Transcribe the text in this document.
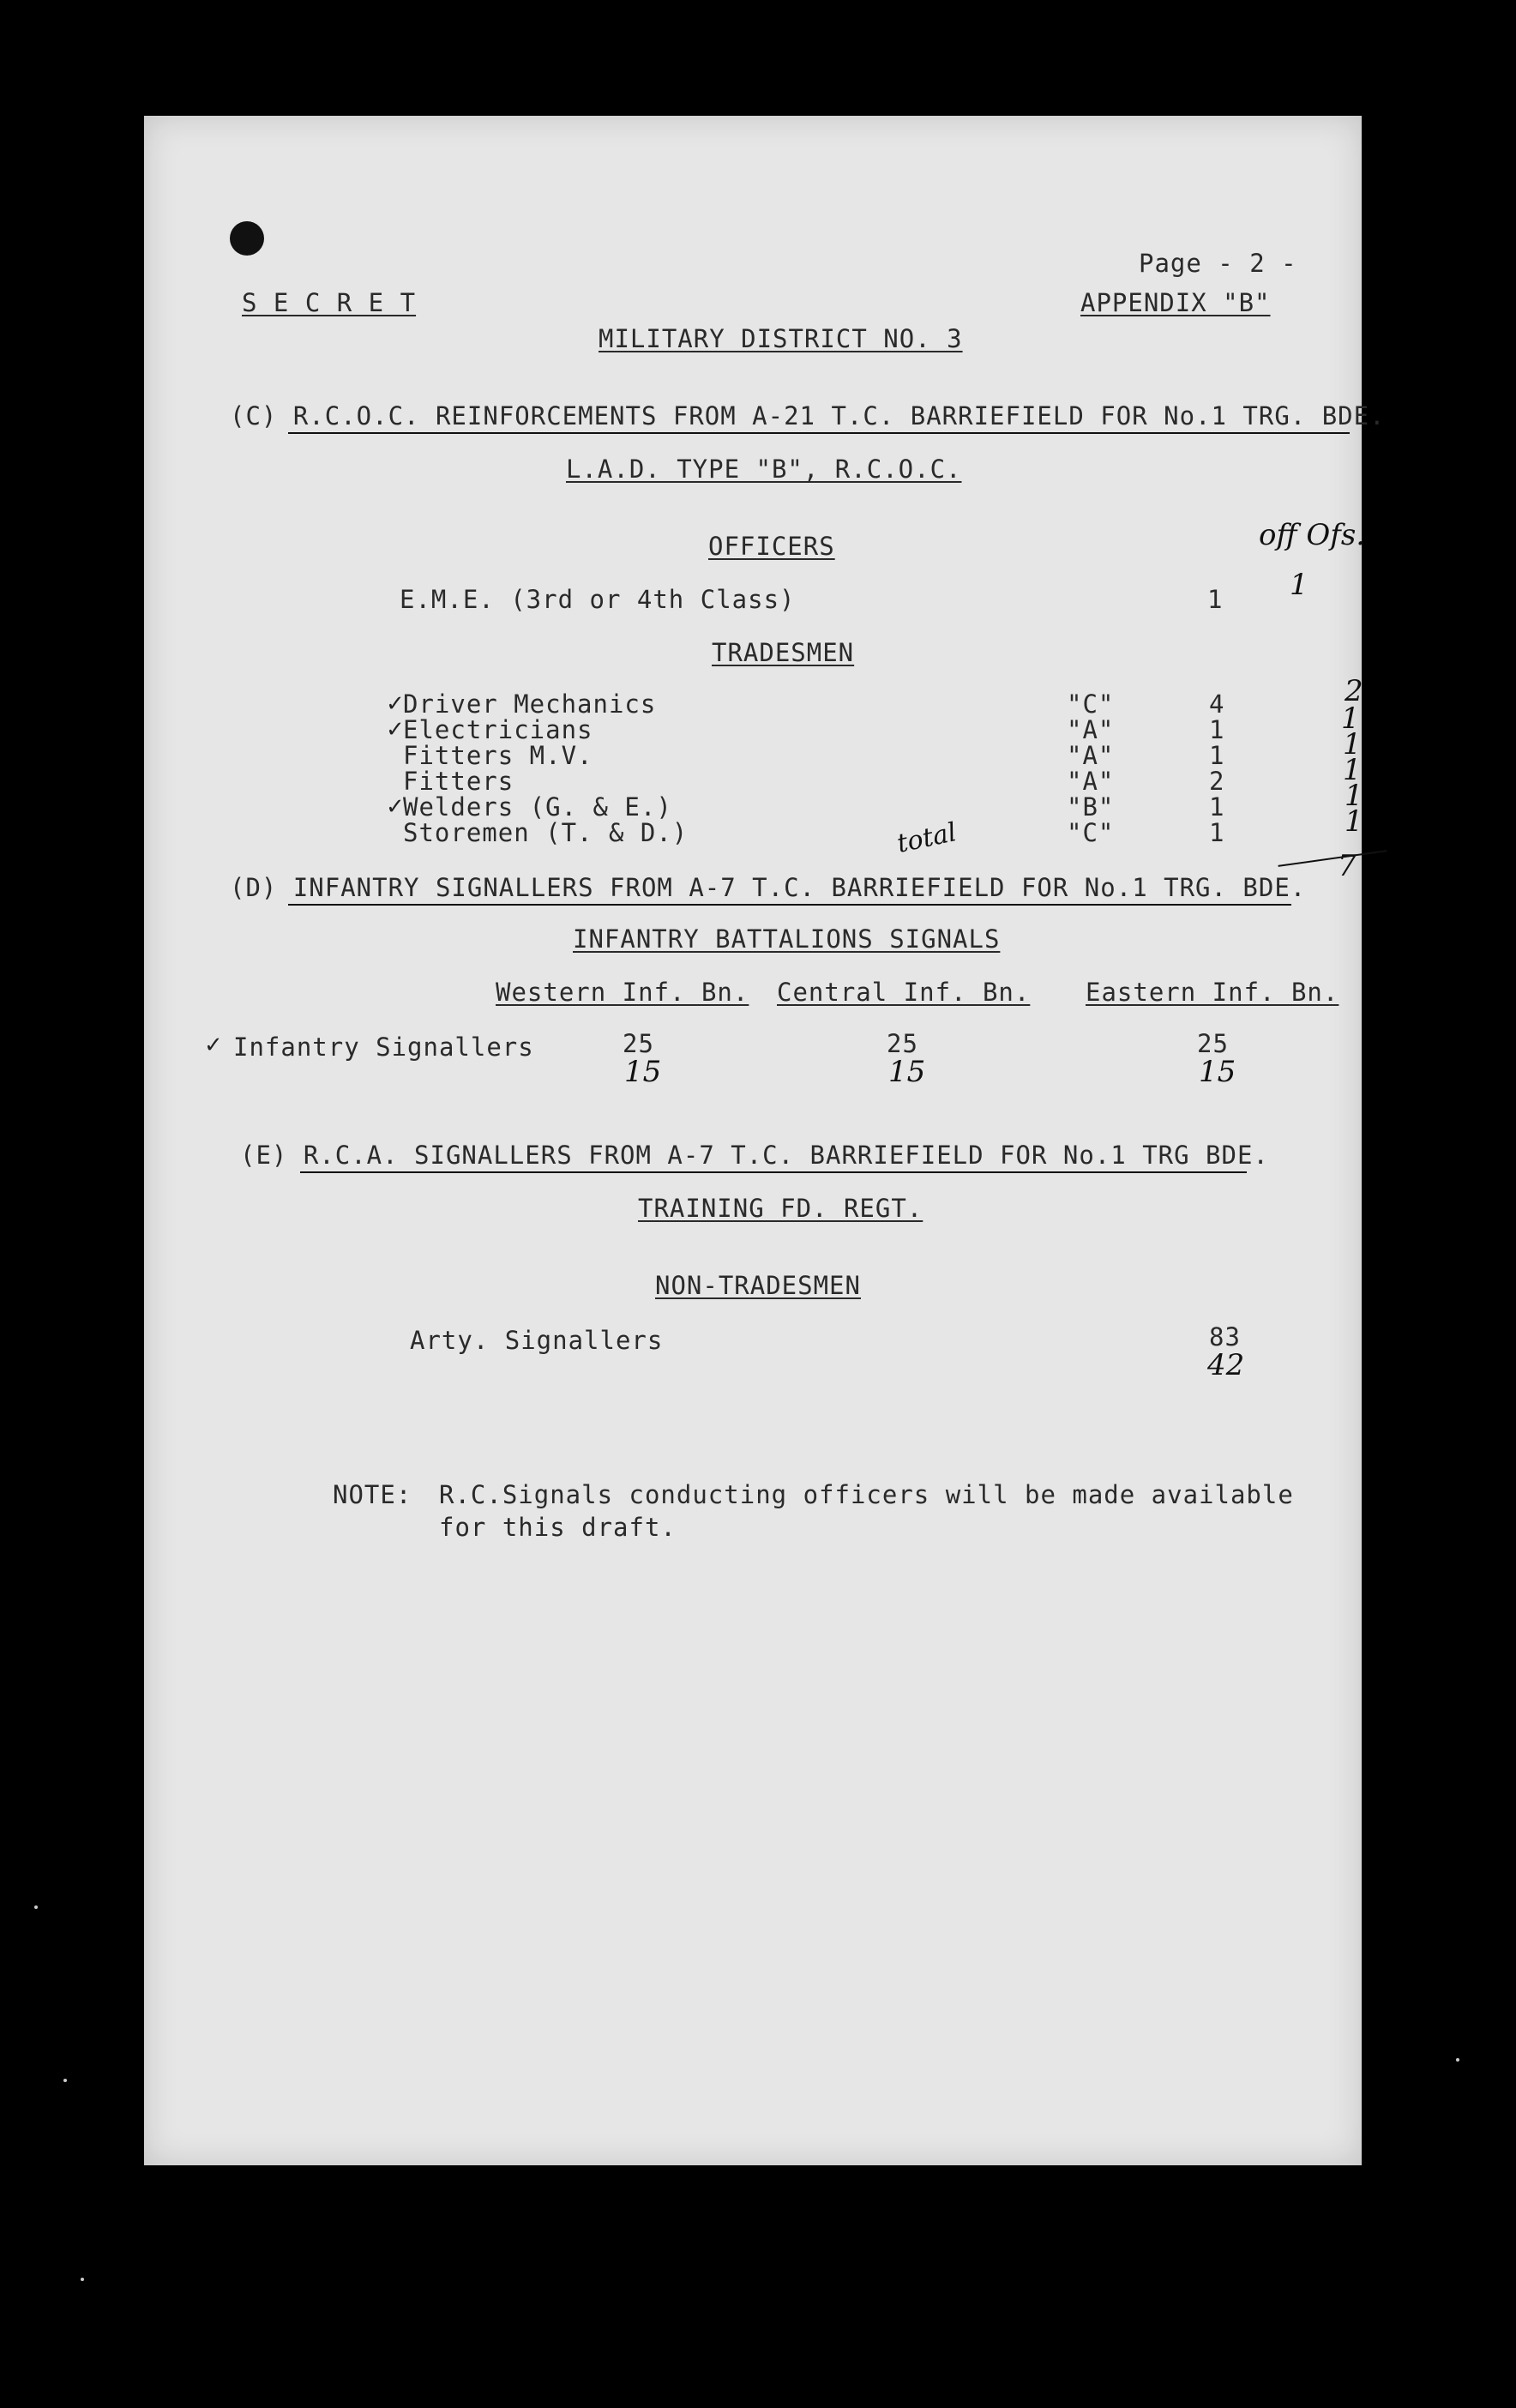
Page - 2 -
S E C R E T	APPENDIX "B"
MILITARY DISTRICT NO. 3
(C) R.C.O.C. REINFORCEMENTS FROM A-21 T.C. BARRIEFIELD FOR No.1 TRG. BDE.
L.A.D. TYPE "B", R.C.O.C.
OFFICERS	off Ofs.
E.M.E. (3rd or 4th Class)	1 1
TRADESMEN
✓
Driver Mechanics	"C"	4	2
✓
Electricians	"A"	1	1
Fitters M.V.	"A"	1	1
Fitters	"A"	2	1
✓
Welders (G. & E.)	"B"	1	1
Storemen (T. & D.)	"C"	1	1
total
7
(D) INFANTRY SIGNALLERS FROM A-7 T.C. BARRIEFIELD FOR No.1 TRG. BDE.
INFANTRY BATTALIONS SIGNALS
Western Inf. Bn. Central Inf. Bn. Eastern Inf. Bn.
✓ Infantry Signallers	25	25	25
15	15	15
(E) R.C.A. SIGNALLERS FROM A-7 T.C. BARRIEFIELD FOR No.1 TRG BDE.
TRAINING FD. REGT.
NON-TRADESMEN
Arty. Signallers	83
42
NOTE: R.C.Signals conducting officers will be made available
for this draft.
